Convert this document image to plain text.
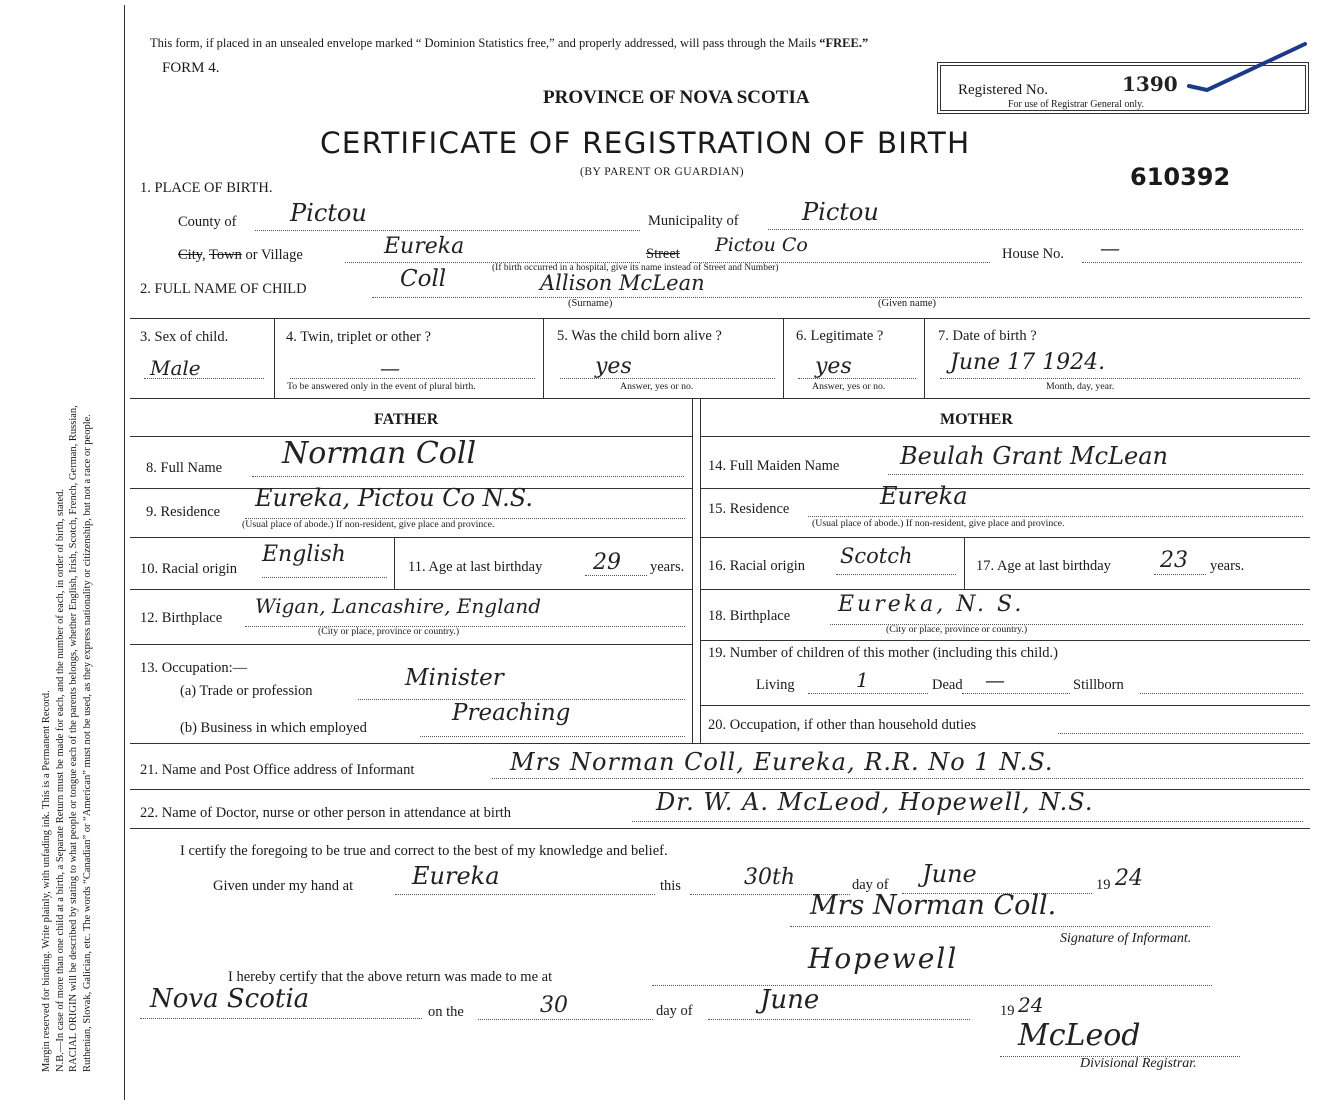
Margin reserved for binding. Write plainly, with unfading ink. This is a Permanent Record. N.B.—In case of more than one child at a birth, a Separate Return must be made for each, and the number of each, in order of birth, stated. RACIAL ORIGIN will be described by stating to what people or tongue each of the parents belongs, whether English, Irish, Scotch, French, German, Russian, Ruthenian, Slovak, Galician, etc. The words “Canadian” or “American” must not be used, as they express nationality or citizenship, but not a race or people.
This form, if placed in an unsealed envelope marked “ Dominion Statistics free,” and properly addressed, will pass through the Mails “FREE.”
FORM 4.
PROVINCE OF NOVA SCOTIA
CERTIFICATE OF REGISTRATION OF BIRTH
(BY PARENT OR GUARDIAN)
Registered No.	1390
For use of Registrar General only.
610392
1. PLACE OF BIRTH.
County of Pictou	Municipality of	Pictou
City, Town or Village	Eureka	Street Pictou Co	House No. —
(If birth occurred in a hospital, give its name instead of Street and Number)
2. FULL NAME OF CHILD	Coll	Allison McLean
(Surname)	(Given name)
3. Sex of child.
Male
4. Twin, triplet or other ?
—
To be answered only in the event of plural birth.
5. Was the child born alive ?
yes
Answer, yes or no.
6. Legitimate ?
yes
Answer, yes or no.
7. Date of birth ?
June 17 1924.
Month, day, year.
FATHER	MOTHER
8. Full Name Norman Coll
9. Residence Eureka, Pictou Co N.S.
(Usual place of abode.) If non-resident, give place and province.
10. Racial origin
English	11. Age at last birthday 29 years.
12. Birthplace Wigan, Lancashire, England
(City or place, province or country.)
13. Occupation:—
(a) Trade or profession	Minister
(b) Business in which employed
Preaching
14. Full Maiden Name	Beulah Grant McLean
15. Residence	Eureka
(Usual place of abode.) If non-resident, give place and province.
16. Racial origin Scotch	17. Age at last birthday 23 years.
18. Birthplace Eureka, N. S.
(City or place, province or country.)
19. Number of children of this mother (including this child.)
Living	1	Dead —	Stillborn
20. Occupation, if other than household duties
21. Name and Post Office address of Informant	Mrs Norman Coll, Eureka, R.R. No 1 N.S.
22. Name of Doctor, nurse or other person in attendance at birth	Dr. W. A. McLeod, Hopewell, N.S.
I certify the foregoing to be true and correct to the best of my knowledge and belief.
Given under my hand at Eureka	this	30th	day of June	19 24
Mrs Norman Coll.
Signature of Informant.
I hereby certify that the above return was made to me at
Hopewell
Nova Scotia	on the	30	day of	June	19 24
McLeod
Divisional Registrar.
